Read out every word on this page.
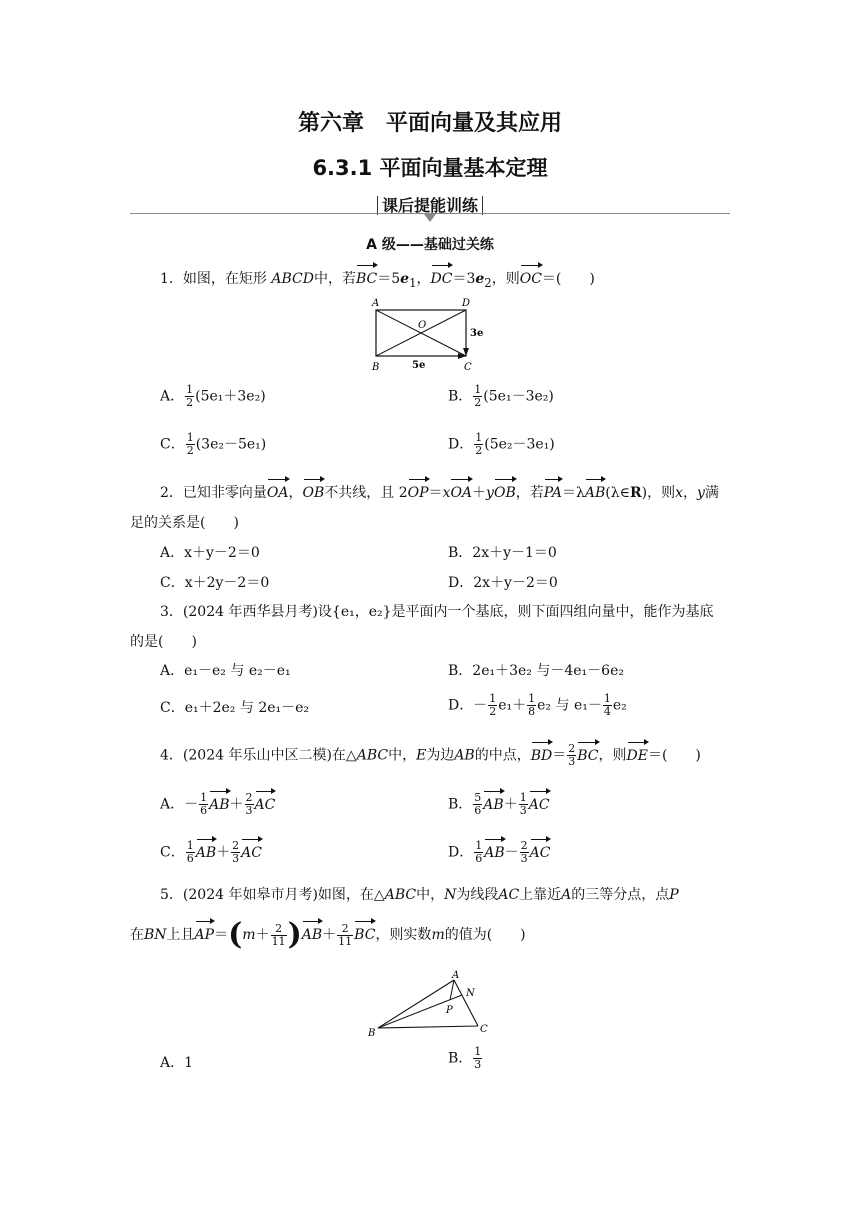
第六章　平面向量及其应用
6.3.1 平面向量基本定理
课后提能训练
A 级——基础过关练
1．如图，在矩形 ABCD中，若$BC=5e_1$，$DC=3e_2$，则OC＝(　　)
A	D
O
B	C
5e
3e
A． $\frac{1}{2} (5e_1+3e_2)$	B． $\frac{1}{2} (5e_1-3e_2)$
C． $\frac{1}{2} (3e_2-5e_1)$	D． $\frac{1}{2} (5e_2-3e_1)$
2．已知非零向量OA，OB不共线，且 2OP＝xOA＋yOB，若PA＝λAB(λ∈R)，则x，y满
足的关系是(　　)
A．x＋y－2＝0	B．2x＋y－1＝0
C．x＋2y－2＝0	D．2x＋y－2＝0
3．(2024 年西华县月考)设{e₁，e₂}是平面内一个基底，则下面四组向量中，能作为基底
的是(　　)
A．e₁－e₂ 与 e₂－e₁	B．2e₁＋3e₂ 与－4e₁－6e₂
C．e₁＋2e₂ 与 2e₁－e₂	D．－ $\frac{1}{2} e_1+ \frac{1}{8} e_2$ 与 $e_1- \frac{1}{4} e_2$
4．(2024 年乐山中区二模)在△ABC中，E为边AB的中点，$BD= \frac{2}{3}$ BC，则DE＝(　　)
A．－ $\frac{1}{6} AB+ \frac{2}{3}$ AC	B． $\frac{5}{6} AB+ \frac{1}{3}$ AC
C． $\frac{1}{6} AB+ \frac{2}{3}$ AC	D． $\frac{1}{6} AB- \frac{2}{3}$ AC
5．(2024 年如皋市月考)如图，在△ABC中，N为线段AC上靠近A的三等分点，点P
在BN上且$AP=(m+ \frac{2}{11} )AB+ \frac{2}{11}$ BC，则实数m的值为(　　)
A
N
P
B	C
A．1	B． $\frac{1}{3}$
